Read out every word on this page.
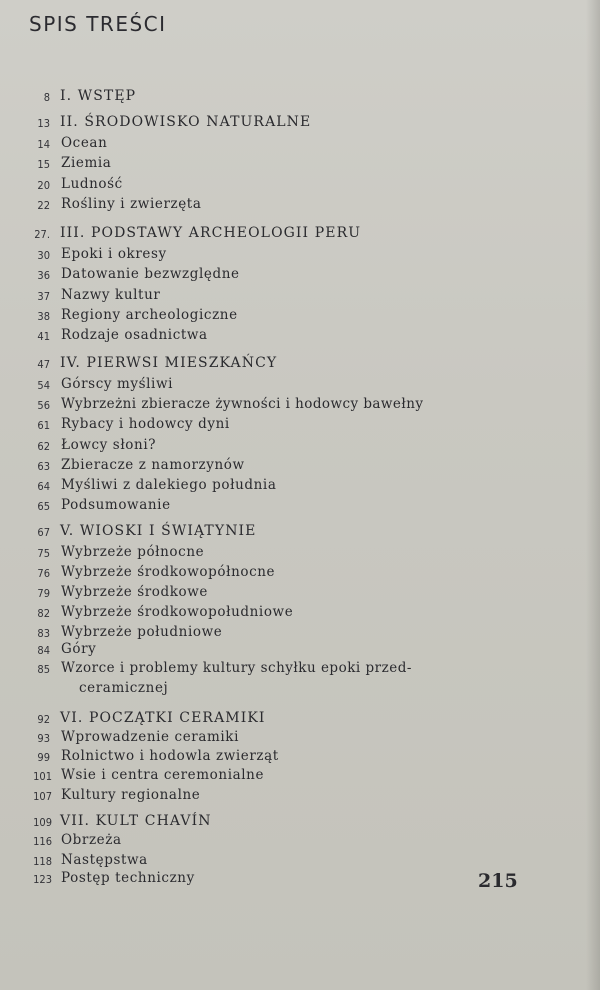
SPIS TREŚCI
8 I. WSTĘP
13 II. ŚRODOWISKO NATURALNE
14 Ocean
15 Ziemia
20 Ludność
22 Rośliny i zwierzęta
27. III. PODSTAWY ARCHEOLOGII PERU
30 Epoki i okresy
36 Datowanie bezwzględne
37 Nazwy kultur
38 Regiony archeologiczne
41 Rodzaje osadnictwa
47 IV. PIERWSI MIESZKAŃCY
54 Górscy myśliwi
56 Wybrzeżni zbieracze żywności i hodowcy bawełny
61 Rybacy i hodowcy dyni
62 Łowcy słoni?
63 Zbieracze z namorzynów
64 Myśliwi z dalekiego południa
65 Podsumowanie
67 V. WIOSKI I ŚWIĄTYNIE
75 Wybrzeże północne
76 Wybrzeże środkowopółnocne
79 Wybrzeże środkowe
82 Wybrzeże środkowopołudniowe
83 Wybrzeże południowe
84 Góry
85 Wzorce i problemy kultury schyłku epoki przed-
ceramicznej
92 VI. POCZĄTKI CERAMIKI
93 Wprowadzenie ceramiki
99 Rolnictwo i hodowla zwierząt
101 Wsie i centra ceremonialne
107 Kultury regionalne
109 VII. KULT CHAVÍN
116 Obrzeża
118 Następstwa
123 Postęp techniczny	215
